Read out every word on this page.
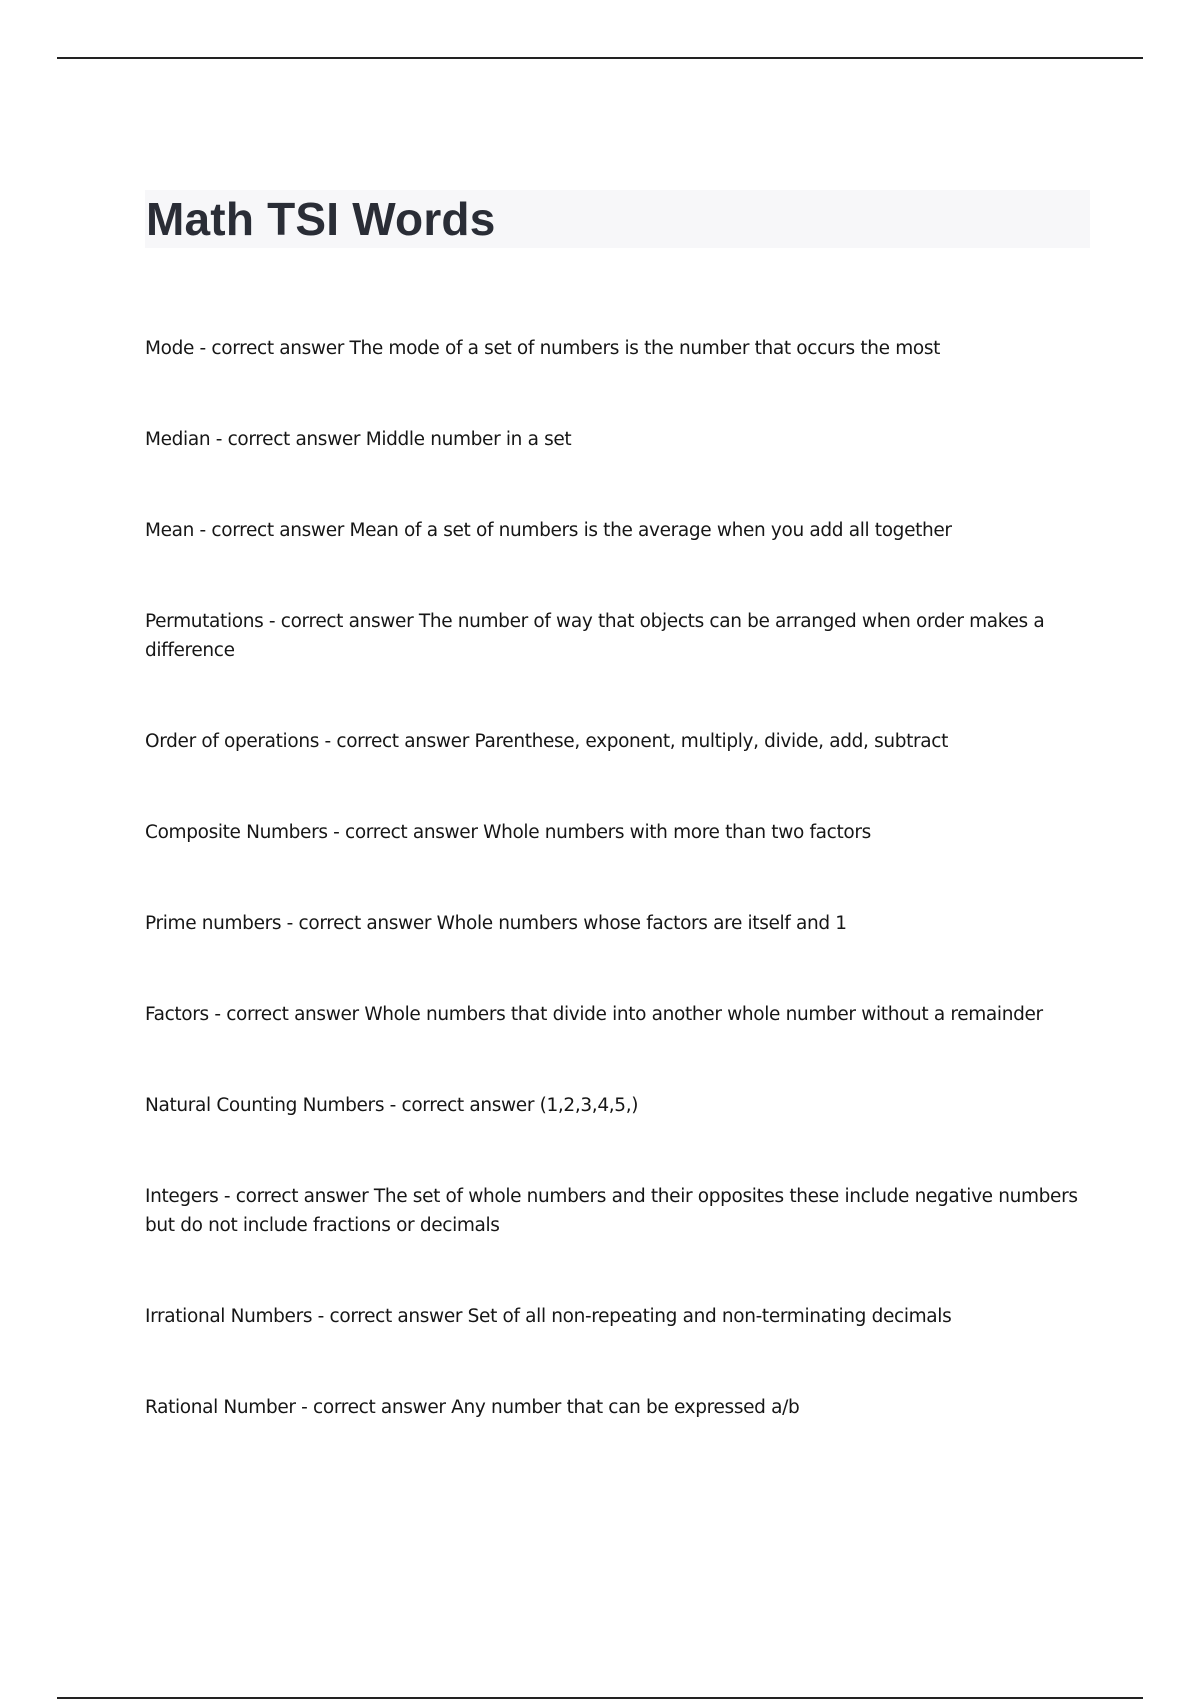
Math TSI Words
Mode - correct answer The mode of a set of numbers is the number that occurs the most
Median - correct answer Middle number in a set
Mean - correct answer Mean of a set of numbers is the average when you add all together
Permutations - correct answer The number of way that objects can be arranged when order makes a difference
Order of operations - correct answer Parenthese, exponent, multiply, divide, add, subtract
Composite Numbers - correct answer Whole numbers with more than two factors
Prime numbers - correct answer Whole numbers whose factors are itself and 1
Factors - correct answer Whole numbers that divide into another whole number without a remainder
Natural Counting Numbers - correct answer (1,2,3,4,5,)
Integers - correct answer The set of whole numbers and their opposites these include negative numbers but do not include fractions or decimals
Irrational Numbers - correct answer Set of all non-repeating and non-terminating decimals
Rational Number - correct answer Any number that can be expressed a/b
